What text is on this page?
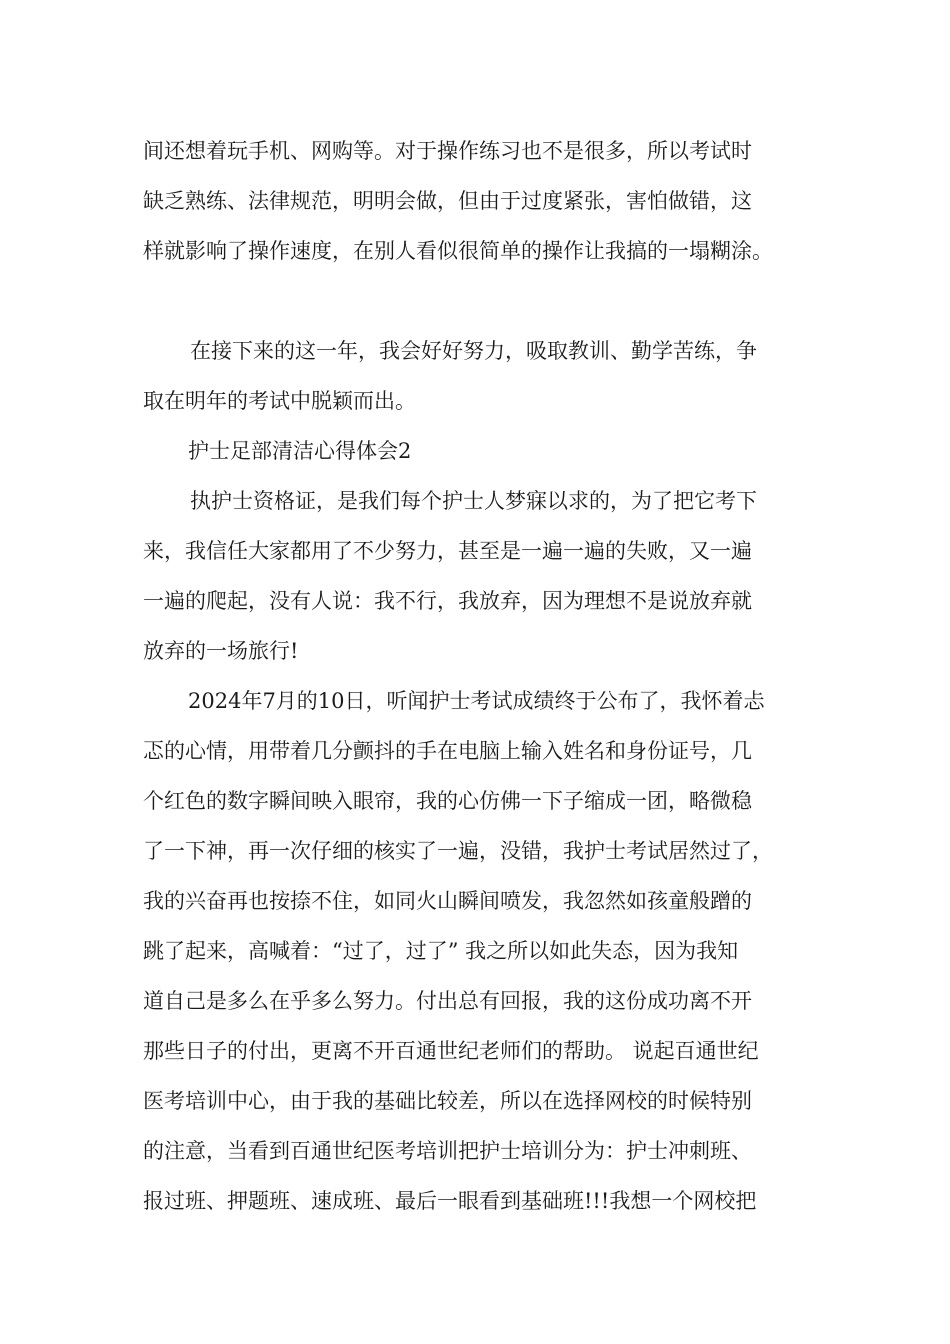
间还想着玩手机、网购等。对于操作练习也不是很多，所以考试时

缺乏熟练、法律规范，明明会做，但由于过度紧张，害怕做错，这

样就影响了操作速度，在别人看似很简单的操作让我搞的一塌糊涂。

在接下来的这一年，我会好好努力，吸取教训、勤学苦练，争

取在明年的考试中脱颖而出。

护士足部清洁心得体会2

执护士资格证，是我们每个护士人梦寐以求的，为了把它考下

来，我信任大家都用了不少努力，甚至是一遍一遍的失败，又一遍

一遍的爬起，没有人说：我不行，我放弃，因为理想不是说放弃就

放弃的一场旅行!

2024年7月的10日，听闻护士考试成绩终于公布了，我怀着忐

忑的心情，用带着几分颤抖的手在电脑上输入姓名和身份证号，几

个红色的数字瞬间映入眼帘，我的心仿佛一下子缩成一团，略微稳

了一下神，再一次仔细的核实了一遍，没错，我护士考试居然过了，

我的兴奋再也按捺不住，如同火山瞬间喷发，我忽然如孩童般蹭的

跳了起来，高喊着：“过了，过了” 我之所以如此失态，因为我知

道自己是多么在乎多么努力。付出总有回报，我的这份成功离不开

那些日子的付出，更离不开百通世纪老师们的帮助。 说起百通世纪

医考培训中心，由于我的基础比较差，所以在选择网校的时候特别

的注意，当看到百通世纪医考培训把护士培训分为：护士冲刺班、

报过班、押题班、速成班、最后一眼看到基础班!!!我想一个网校把
